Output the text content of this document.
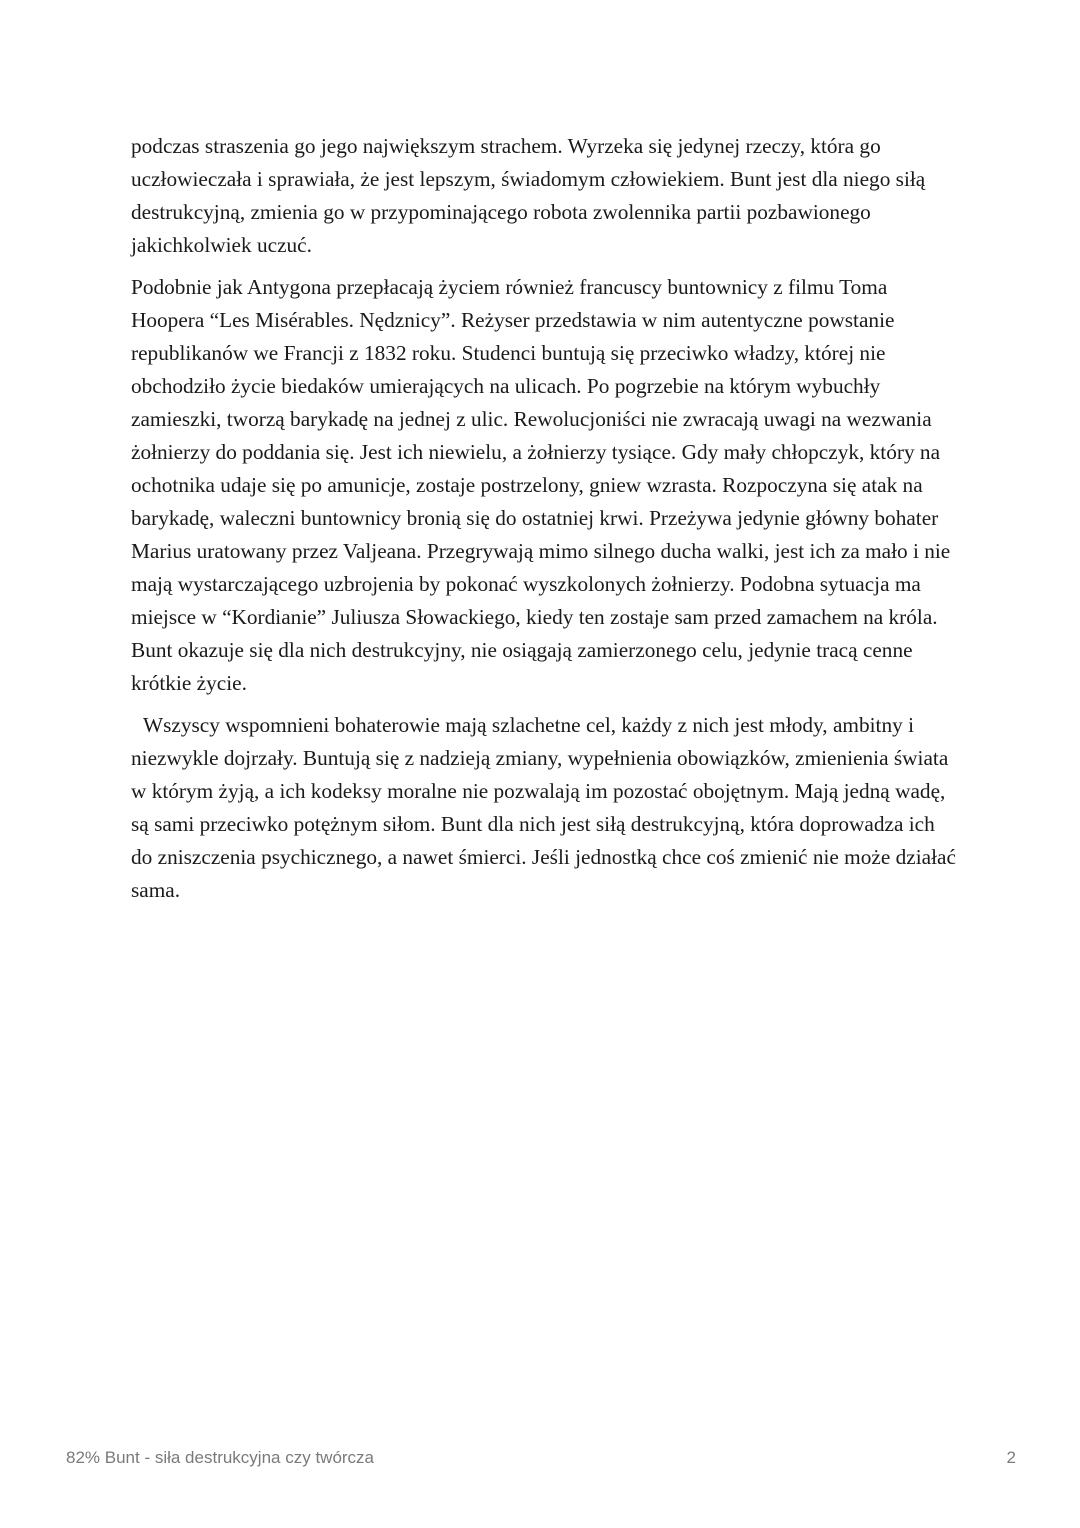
podczas straszenia go jego największym strachem. Wyrzeka się jedynej rzeczy, która go uczłowieczała i sprawiała, że jest lepszym, świadomym człowiekiem. Bunt jest dla niego siłą destrukcyjną, zmienia go w przypominającego robota zwolennika partii pozbawionego jakichkolwiek uczuć.

Podobnie jak Antygona przepłacają życiem również francuscy buntownicy z filmu Toma Hoopera “Les Misérables. Nędznicy”. Reżyser przedstawia w nim autentyczne powstanie republikanów we Francji z 1832 roku. Studenci buntują się przeciwko władzy, której nie obchodziło życie biedaków umierających na ulicach. Po pogrzebie na którym wybuchły zamieszki, tworzą barykadę na jednej z ulic. Rewolucjoniści nie zwracają uwagi na wezwania żołnierzy do poddania się. Jest ich niewielu, a żołnierzy tysiące. Gdy mały chłopczyk, który na ochotnika udaje się po amunicje, zostaje postrzelony, gniew wzrasta. Rozpoczyna się atak na barykadę, waleczni buntownicy bronią się do ostatniej krwi. Przeżywa jedynie główny bohater Marius uratowany przez Valjeana. Przegrywają mimo silnego ducha walki, jest ich za mało i nie mają wystarczającego uzbrojenia by pokonać wyszkolonych żołnierzy. Podobna sytuacja ma miejsce w “Kordianie” Juliusza Słowackiego, kiedy ten zostaje sam przed zamachem na króla. Bunt okazuje się dla nich destrukcyjny, nie osiągają zamierzonego celu, jedynie tracą cenne krótkie życie.

Wszyscy wspomnieni bohaterowie mają szlachetne cel, każdy z nich jest młody, ambitny i niezwykle dojrzały. Buntują się z nadzieją zmiany, wypełnienia obowiązków, zmienienia świata w którym żyją, a ich kodeksy moralne nie pozwalają im pozostać obojętnym. Mają jedną wadę, są sami przeciwko potężnym siłom. Bunt dla nich jest siłą destrukcyjną, która doprowadza ich do zniszczenia psychicznego, a nawet śmierci. Jeśli jednostką chce coś zmienić nie może działać sama.

82% Bunt - siła destrukcyjna czy twórcza	2
